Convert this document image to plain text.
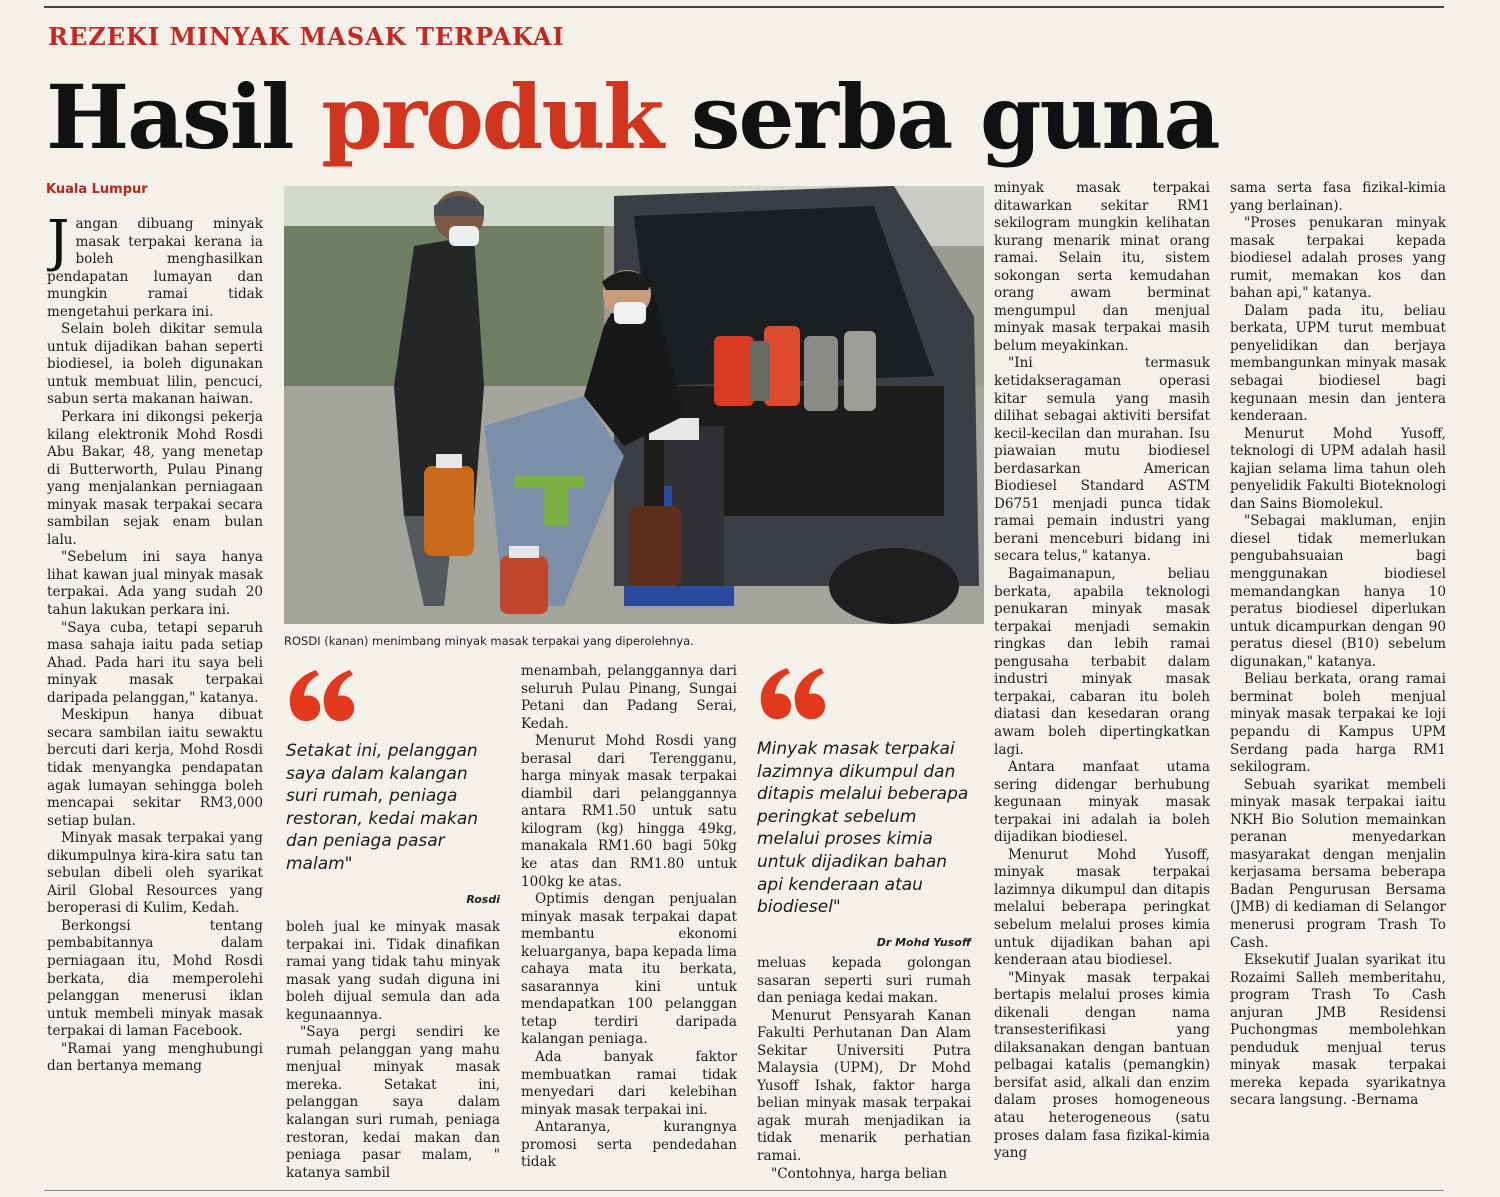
REZEKI MINYAK MASAK TERPAKAI
Hasil produk serba guna
Kuala Lumpur
J angan dibuang minyak masak terpakai kerana ia boleh menghasilkan pendapatan lumayan dan mungkin ramai tidak mengetahui perkara ini.

Selain boleh dikitar semula untuk dijadikan bahan seperti biodiesel, ia boleh digunakan untuk membuat lilin, pencuci, sabun serta makanan haiwan.

Perkara ini dikongsi pekerja kilang elektronik Mohd Rosdi Abu Bakar, 48, yang menetap di Butterworth, Pulau Pinang yang menjalankan perniagaan minyak masak terpakai secara sambilan sejak enam bulan lalu.

"Sebelum ini saya hanya lihat kawan jual minyak masak terpakai. Ada yang sudah 20 tahun lakukan perkara ini.

"Saya cuba, tetapi separuh masa sahaja iaitu pada setiap Ahad. Pada hari itu saya beli minyak masak terpakai daripada pelanggan," katanya.

Meskipun hanya dibuat secara sambilan iaitu sewaktu bercuti dari kerja, Mohd Rosdi tidak menyangka pendapatan agak lumayan sehingga boleh mencapai sekitar RM3,000 setiap bulan.

Minyak masak terpakai yang dikumpulnya kira-kira satu tan sebulan dibeli oleh syarikat Airil Global Resources yang beroperasi di Kulim, Kedah.

Berkongsi tentang pembabitannya dalam perniagaan itu, Mohd Rosdi berkata, dia memperolehi pelanggan menerusi iklan untuk membeli minyak masak terpakai di laman Facebook.

"Ramai yang menghubungi dan bertanya memang

ROSDI (kanan) menimbang minyak masak terpakai yang diperolehnya.
Setakat ini, pelanggan saya dalam kalangan suri rumah, peniaga restoran, kedai makan dan peniaga pasar malam"
Rosdi

boleh jual ke minyak masak terpakai ini. Tidak dinafikan ramai yang tidak tahu minyak masak yang sudah diguna ini boleh dijual semula dan ada kegunaannya.

"Saya pergi sendiri ke rumah pelanggan yang mahu menjual minyak masak mereka. Setakat ini, pelanggan saya dalam kalangan suri rumah, peniaga restoran, kedai makan dan peniaga pasar malam, " katanya sambil

menambah, pelanggannya dari seluruh Pulau Pinang, Sungai Petani dan Padang Serai, Kedah.

Menurut Mohd Rosdi yang berasal dari Terengganu, harga minyak masak terpakai diambil dari pelanggannya antara RM1.50 untuk satu kilogram (kg) hingga 49kg, manakala RM1.60 bagi 50kg ke atas dan RM1.80 untuk 100kg ke atas.

Optimis dengan penjualan minyak masak terpakai dapat membantu ekonomi keluarganya, bapa kepada lima cahaya mata itu berkata, sasarannya kini untuk mendapatkan 100 pelanggan tetap terdiri daripada kalangan peniaga.

Ada banyak faktor membuatkan ramai tidak menyedari dari kelebihan minyak masak terpakai ini.

Antaranya, kurangnya promosi serta pendedahan tidak

Minyak masak terpakai lazimnya dikumpul dan ditapis melalui beberapa peringkat sebelum melalui proses kimia untuk dijadikan bahan api kenderaan atau biodiesel"
Dr Mohd Yusoff

meluas kepada golongan sasaran seperti suri rumah dan peniaga kedai makan.

Menurut Pensyarah Kanan Fakulti Perhutanan Dan Alam Sekitar Universiti Putra Malaysia (UPM), Dr Mohd Yusoff Ishak, faktor harga belian minyak masak terpakai agak murah menjadikan ia tidak menarik perhatian ramai.

"Contohnya, harga belian

minyak masak terpakai ditawarkan sekitar RM1 sekilogram mungkin kelihatan kurang menarik minat orang ramai. Selain itu, sistem sokongan serta kemudahan orang awam berminat mengumpul dan menjual minyak masak terpakai masih belum meyakinkan.

"Ini termasuk ketidakseragaman operasi kitar semula yang masih dilihat sebagai aktiviti bersifat kecil-kecilan dan murahan. Isu piawaian mutu biodiesel berdasarkan American Biodiesel Standard ASTM D6751 menjadi punca tidak ramai pemain industri yang berani menceburi bidang ini secara telus," katanya.

Bagaimanapun, beliau berkata, apabila teknologi penukaran minyak masak terpakai menjadi semakin ringkas dan lebih ramai pengusaha terbabit dalam industri minyak masak terpakai, cabaran itu boleh diatasi dan kesedaran orang awam boleh dipertingkatkan lagi.

Antara manfaat utama sering didengar berhubung kegunaan minyak masak terpakai ini adalah ia boleh dijadikan biodiesel.

Menurut Mohd Yusoff, minyak masak terpakai lazimnya dikumpul dan ditapis melalui beberapa peringkat sebelum melalui proses kimia untuk dijadikan bahan api kenderaan atau biodiesel.

"Minyak masak terpakai bertapis melalui proses kimia dikenali dengan nama transesterifikasi yang dilaksanakan dengan bantuan pelbagai katalis (pemangkin) bersifat asid, alkali dan enzim dalam proses homogeneous atau heterogeneous (satu proses dalam fasa fizikal-kimia yang

sama serta fasa fizikal-kimia yang berlainan).

"Proses penukaran minyak masak terpakai kepada biodiesel adalah proses yang rumit, memakan kos dan bahan api," katanya.

Dalam pada itu, beliau berkata, UPM turut membuat penyelidikan dan berjaya membangunkan minyak masak sebagai biodiesel bagi kegunaan mesin dan jentera kenderaan.

Menurut Mohd Yusoff, teknologi di UPM adalah hasil kajian selama lima tahun oleh penyelidik Fakulti Bioteknologi dan Sains Biomolekul.

"Sebagai makluman, enjin diesel tidak memerlukan pengubahsuaian bagi menggunakan biodiesel memandangkan hanya 10 peratus biodiesel diperlukan untuk dicampurkan dengan 90 peratus diesel (B10) sebelum digunakan," katanya.

Beliau berkata, orang ramai berminat boleh menjual minyak masak terpakai ke loji pepandu di Kampus UPM Serdang pada harga RM1 sekilogram.

Sebuah syarikat membeli minyak masak terpakai iaitu NKH Bio Solution memainkan peranan menyedarkan masyarakat dengan menjalin kerjasama bersama beberapa Badan Pengurusan Bersama (JMB) di kediaman di Selangor menerusi program Trash To Cash.

Eksekutif Jualan syarikat itu Rozaimi Salleh memberitahu, program Trash To Cash anjuran JMB Residensi Puchongmas membolehkan penduduk menjual terus minyak masak terpakai mereka kepada syarikatnya secara langsung. -Bernama
